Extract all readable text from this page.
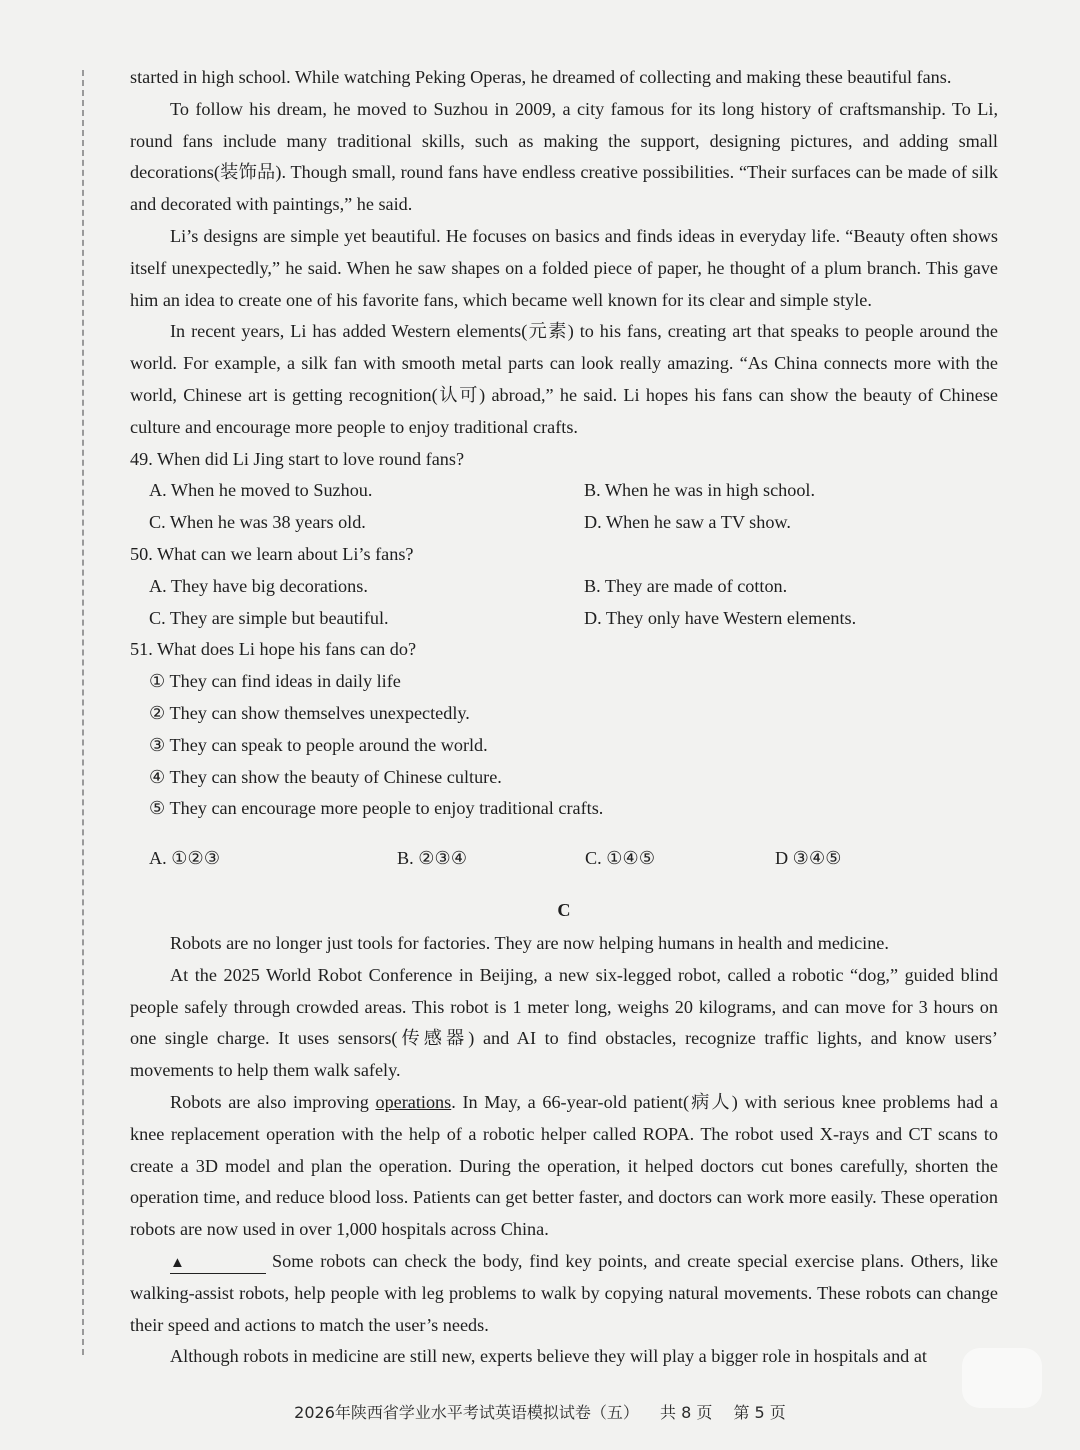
started in high school. While watching Peking Operas, he dreamed of collecting and making these beautiful fans.

To follow his dream, he moved to Suzhou in 2009, a city famous for its long history of craftsmanship. To Li, round fans include many traditional skills, such as making the support, designing pictures, and adding small decorations(装饰品). Though small, round fans have endless creative possibilities. “Their surfaces can be made of silk and decorated with paintings,” he said.

Li’s designs are simple yet beautiful. He focuses on basics and finds ideas in everyday life. “Beauty often shows itself unexpectedly,” he said. When he saw shapes on a folded piece of paper, he thought of a plum branch. This gave him an idea to create one of his favorite fans, which became well known for its clear and simple style.

In recent years, Li has added Western elements(元素) to his fans, creating art that speaks to people around the world. For example, a silk fan with smooth metal parts can look really amazing. “As China connects more with the world, Chinese art is getting recognition(认可) abroad,” he said. Li hopes his fans can show the beauty of Chinese culture and encourage more people to enjoy traditional crafts.

49. When did Li Jing start to love round fans?

A. When he moved to Suzhou.	B. When he was in high school.

C. When he was 38 years old.	D. When he saw a TV show.

50. What can we learn about Li’s fans?

A. They have big decorations.	B. They are made of cotton.

C. They are simple but beautiful.	D. They only have Western elements.

51. What does Li hope his fans can do?

① They can find ideas in daily life

② They can show themselves unexpectedly.

③ They can speak to people around the world.

④ They can show the beauty of Chinese culture.

⑤ They can encourage more people to enjoy traditional crafts.

A. ①②③	B. ②③④	C. ①④⑤	D ③④⑤

C

Robots are no longer just tools for factories. They are now helping humans in health and medicine.

At the 2025 World Robot Conference in Beijing, a new six-legged robot, called a robotic “dog,” guided blind people safely through crowded areas. This robot is 1 meter long, weighs 20 kilograms, and can move for 3 hours on one single charge. It uses sensors(传感器) and AI to find obstacles, recognize traffic lights, and know users’ movements to help them walk safely.

Robots are also improving operations. In May, a 66-year-old patient(病人) with serious knee problems had a knee replacement operation with the help of a robotic helper called ROPA. The robot used X-rays and CT scans to create a 3D model and plan the operation. During the operation, it helped doctors cut bones carefully, shorten the operation time, and reduce blood loss. Patients can get better faster, and doctors can work more easily. These operation robots are now used in over 1,000 hospitals across China.

▲	Some robots can check the body, find key points, and create special exercise plans. Others, like walking-assist robots, help people with leg problems to walk by copying natural movements. These robots can change their speed and actions to match the user’s needs.

Although robots in medicine are still new, experts believe they will play a bigger role in hospitals and at

2026年陕西省学业水平考试英语模拟试卷（五） 共 8 页 第 5 页
